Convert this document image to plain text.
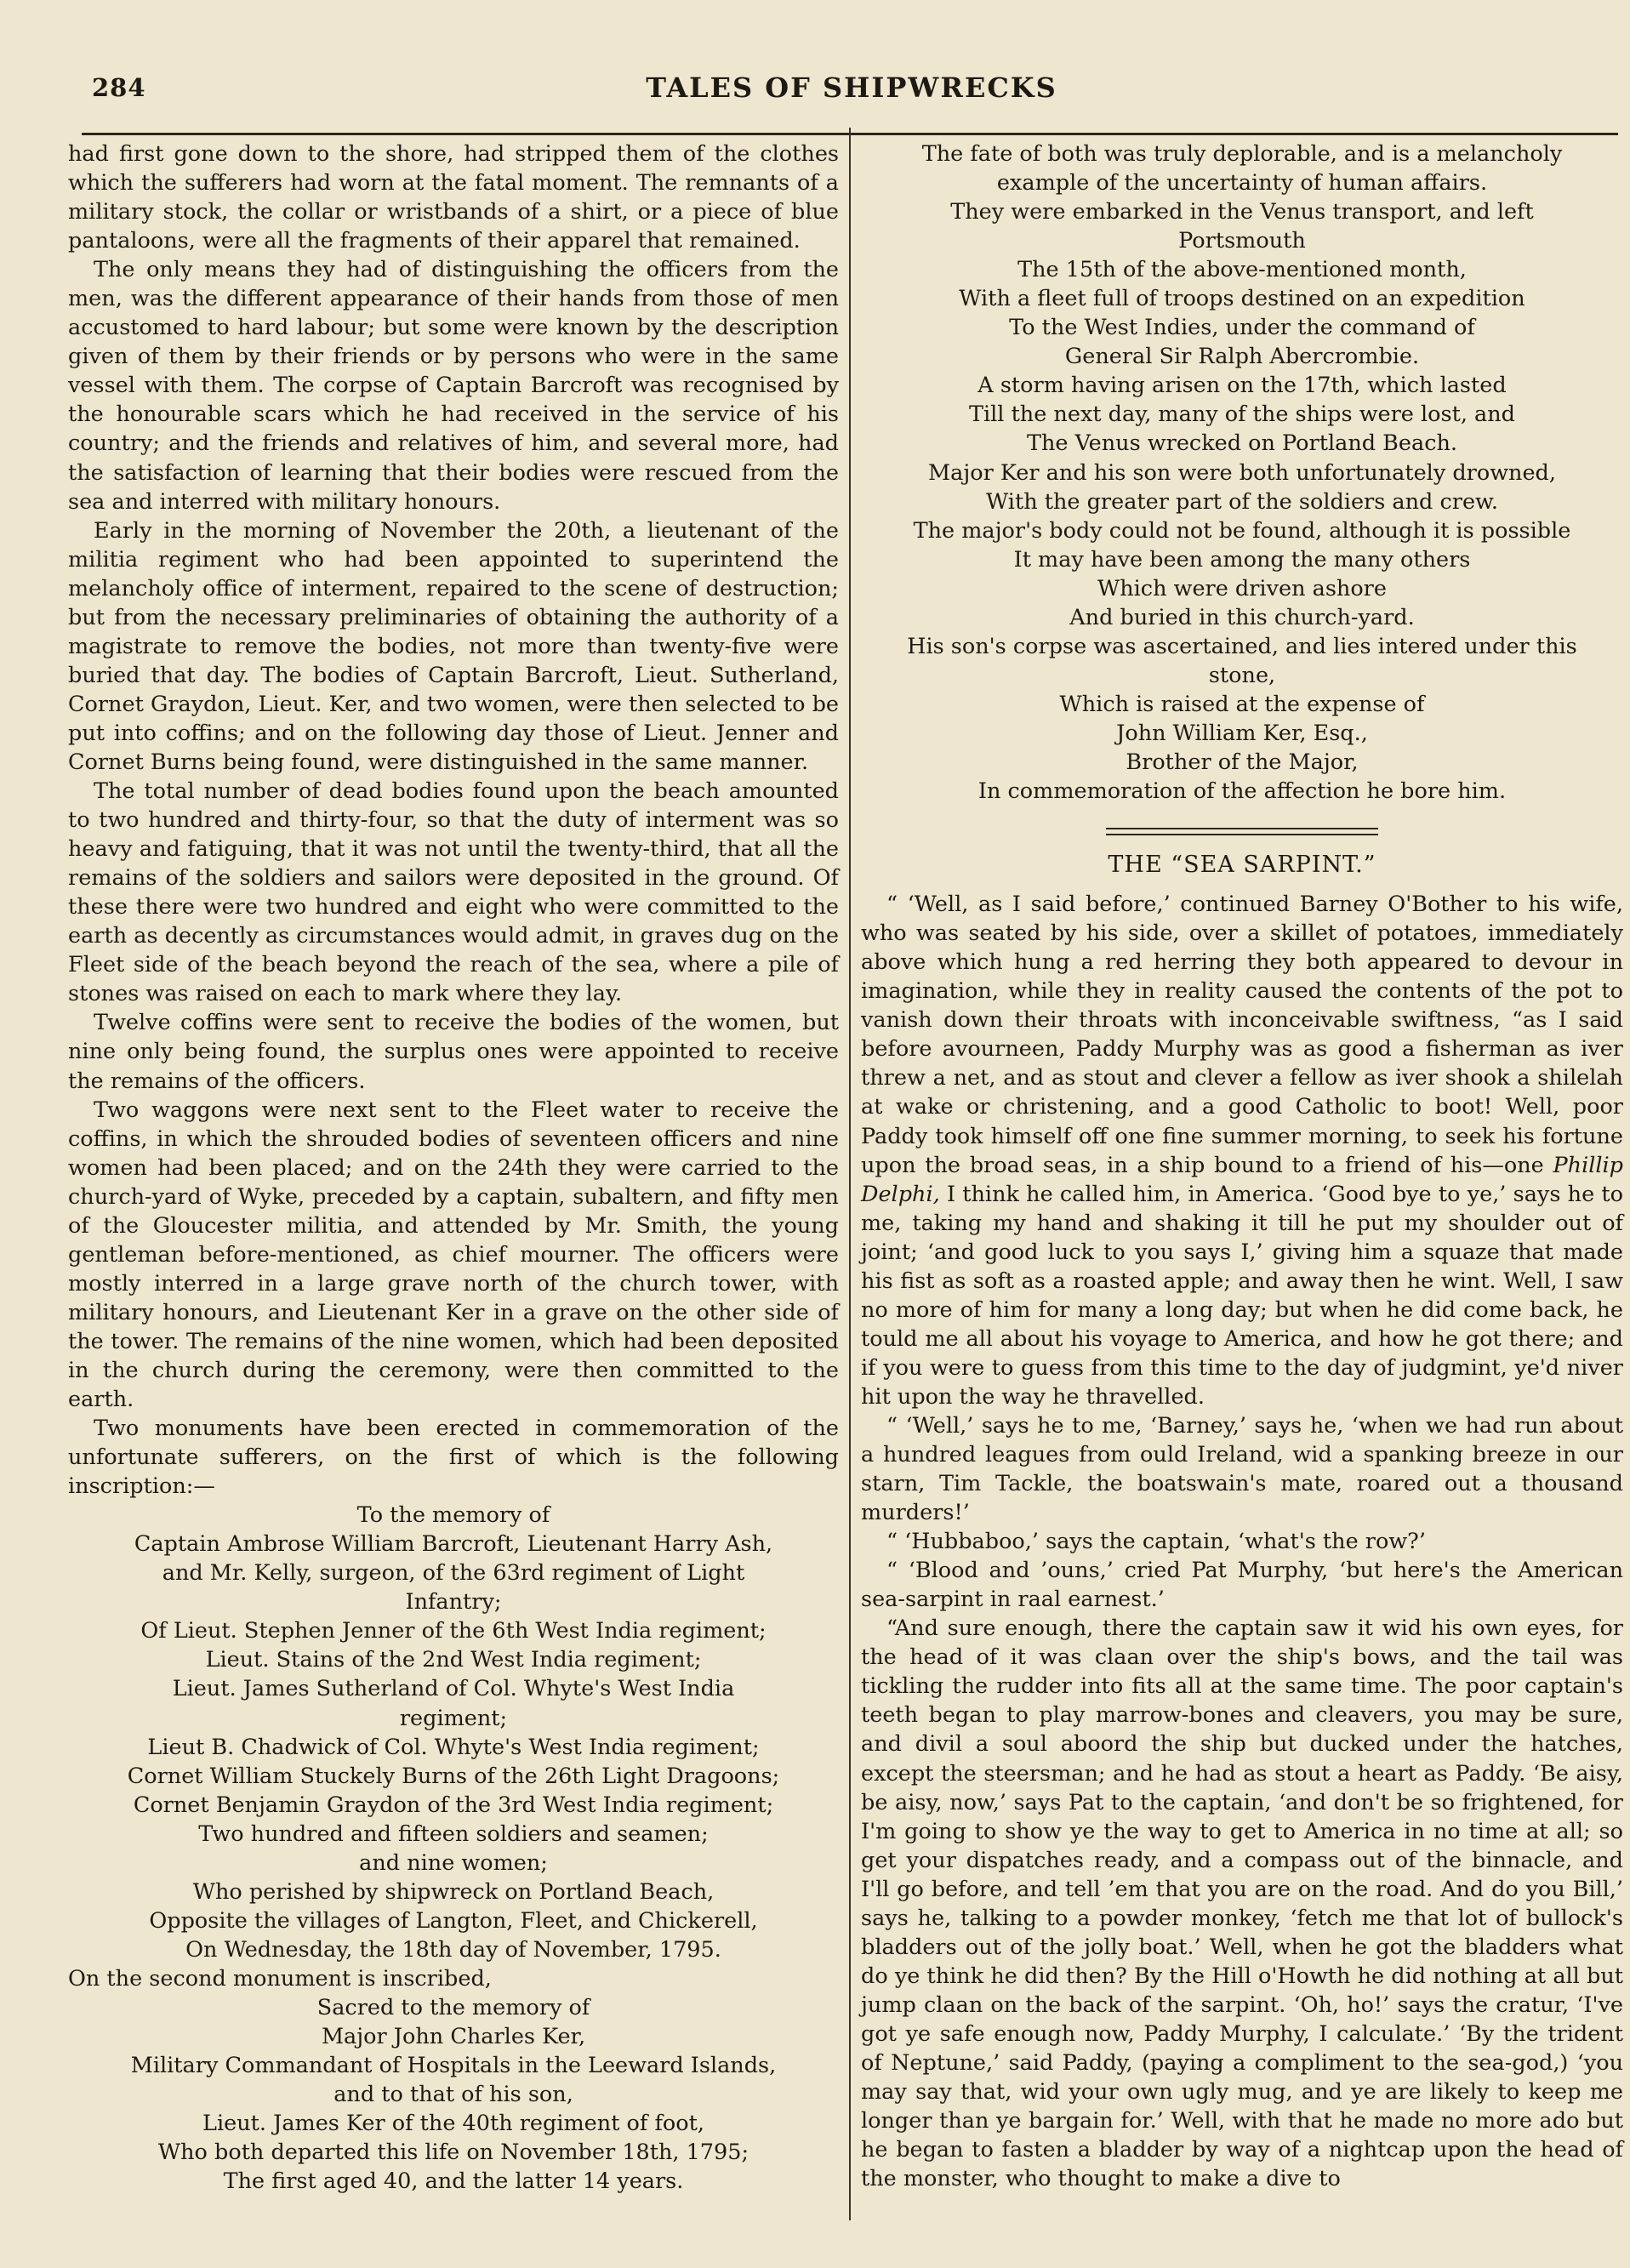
284	TALES OF SHIPWRECKS

had first gone down to the shore, had stripped them of the clothes which the sufferers had worn at the fatal moment. The remnants of a military stock, the collar or wristbands of a shirt, or a piece of blue pantaloons, were all the fragments of their apparel that remained.

The only means they had of distinguishing the officers from the men, was the different appearance of their hands from those of men accustomed to hard labour; but some were known by the description given of them by their friends or by persons who were in the same vessel with them. The corpse of Captain Barcroft was recognised by the honourable scars which he had received in the service of his country; and the friends and relatives of him, and several more, had the satisfaction of learning that their bodies were rescued from the sea and interred with military honours.

Early in the morning of November the 20th, a lieutenant of the militia regiment who had been appointed to superintend the melancholy office of interment, repaired to the scene of destruction; but from the necessary preliminaries of obtaining the authority of a magistrate to remove the bodies, not more than twenty-five were buried that day. The bodies of Captain Barcroft, Lieut. Sutherland, Cornet Graydon, Lieut. Ker, and two women, were then selected to be put into coffins; and on the following day those of Lieut. Jenner and Cornet Burns being found, were distinguished in the same manner.

The total number of dead bodies found upon the beach amounted to two hundred and thirty-four, so that the duty of interment was so heavy and fatiguing, that it was not until the twenty-third, that all the remains of the soldiers and sailors were deposited in the ground. Of these there were two hundred and eight who were committed to the earth as decently as circumstances would admit, in graves dug on the Fleet side of the beach beyond the reach of the sea, where a pile of stones was raised on each to mark where they lay.

Twelve coffins were sent to receive the bodies of the women, but nine only being found, the surplus ones were appointed to receive the remains of the officers.

Two waggons were next sent to the Fleet water to receive the coffins, in which the shrouded bodies of seventeen officers and nine women had been placed; and on the 24th they were carried to the church-yard of Wyke, preceded by a captain, subaltern, and fifty men of the Gloucester militia, and attended by Mr. Smith, the young gentleman before-mentioned, as chief mourner. The officers were mostly interred in a large grave north of the church tower, with military honours, and Lieutenant Ker in a grave on the other side of the tower. The remains of the nine women, which had been deposited in the church during the ceremony, were then committed to the earth.

Two monuments have been erected in commemoration of the unfortunate sufferers, on the first of which is the following inscription:—

To the memory of
Captain Ambrose William Barcroft, Lieutenant Harry Ash,
and Mr. Kelly, surgeon, of the 63rd regiment of Light
Infantry;
Of Lieut. Stephen Jenner of the 6th West India regiment;
Lieut. Stains of the 2nd West India regiment;
Lieut. James Sutherland of Col. Whyte's West India
regiment;
Lieut B. Chadwick of Col. Whyte's West India regiment;
Cornet William Stuckely Burns of the 26th Light Dragoons;
Cornet Benjamin Graydon of the 3rd West India regiment;
Two hundred and fifteen soldiers and seamen;
and nine women;
Who perished by shipwreck on Portland Beach,
Opposite the villages of Langton, Fleet, and Chickerell,
On Wednesday, the 18th day of November, 1795.

On the second monument is inscribed,

Sacred to the memory of
Major John Charles Ker,
Military Commandant of Hospitals in the Leeward Islands,
and to that of his son,
Lieut. James Ker of the 40th regiment of foot,
Who both departed this life on November 18th, 1795;
The first aged 40, and the latter 14 years.
The fate of both was truly deplorable, and is a melancholy
example of the uncertainty of human affairs.
They were embarked in the Venus transport, and left
Portsmouth
The 15th of the above-mentioned month,
With a fleet full of troops destined on an expedition
To the West Indies, under the command of
General Sir Ralph Abercrombie.
A storm having arisen on the 17th, which lasted
Till the next day, many of the ships were lost, and
The Venus wrecked on Portland Beach.
Major Ker and his son were both unfortunately drowned,
With the greater part of the soldiers and crew.
The major's body could not be found, although it is possible
It may have been among the many others
Which were driven ashore
And buried in this church-yard.
His son's corpse was ascertained, and lies intered under this
stone,
Which is raised at the expense of
John William Ker, Esq.,
Brother of the Major,
In commemoration of the affection he bore him.
THE “SEA SARPINT.”

“ ‘Well, as I said before,’ continued Barney O'Bother to his wife, who was seated by his side, over a skillet of potatoes, immediately above which hung a red herring they both appeared to devour in imagination, while they in reality caused the contents of the pot to vanish down their throats with inconceivable swiftness, “as I said before avourneen, Paddy Murphy was as good a fisherman as iver threw a net, and as stout and clever a fellow as iver shook a shilelah at wake or christening, and a good Catholic to boot! Well, poor Paddy took himself off one fine summer morning, to seek his fortune upon the broad seas, in a ship bound to a friend of his—one Phillip Delphi, I think he called him, in America. ‘Good bye to ye,’ says he to me, taking my hand and shaking it till he put my shoulder out of joint; ‘and good luck to you says I,’ giving him a squaze that made his fist as soft as a roasted apple; and away then he wint. Well, I saw no more of him for many a long day; but when he did come back, he tould me all about his voyage to America, and how he got there; and if you were to guess from this time to the day of judgmint, ye'd niver hit upon the way he thravelled.

“ ‘Well,’ says he to me, ‘Barney,’ says he, ‘when we had run about a hundred leagues from ould Ireland, wid a spanking breeze in our starn, Tim Tackle, the boatswain's mate, roared out a thousand murders!’

“ ‘Hubbaboo,’ says the captain, ‘what's the row?’

“ ‘Blood and ’ouns,’ cried Pat Murphy, ‘but here's the American sea-sarpint in raal earnest.’

“And sure enough, there the captain saw it wid his own eyes, for the head of it was claan over the ship's bows, and the tail was tickling the rudder into fits all at the same time. The poor captain's teeth began to play marrow-bones and cleavers, you may be sure, and divil a soul aboord the ship but ducked under the hatches, except the steersman; and he had as stout a heart as Paddy. ‘Be aisy, be aisy, now,’ says Pat to the captain, ‘and don't be so frightened, for I'm going to show ye the way to get to America in no time at all; so get your dispatches ready, and a compass out of the binnacle, and I'll go before, and tell ’em that you are on the road. And do you Bill,’ says he, talking to a powder monkey, ‘fetch me that lot of bullock's bladders out of the jolly boat.’ Well, when he got the bladders what do ye think he did then? By the Hill o'Howth he did nothing at all but jump claan on the back of the sarpint. ‘Oh, ho!’ says the cratur, ‘I've got ye safe enough now, Paddy Murphy, I calculate.’ ‘By the trident of Neptune,’ said Paddy, (paying a compliment to the sea-god,) ‘you may say that, wid your own ugly mug, and ye are likely to keep me longer than ye bargain for.’ Well, with that he made no more ado but he began to fasten a bladder by way of a nightcap upon the head of the monster, who thought to make a dive to
